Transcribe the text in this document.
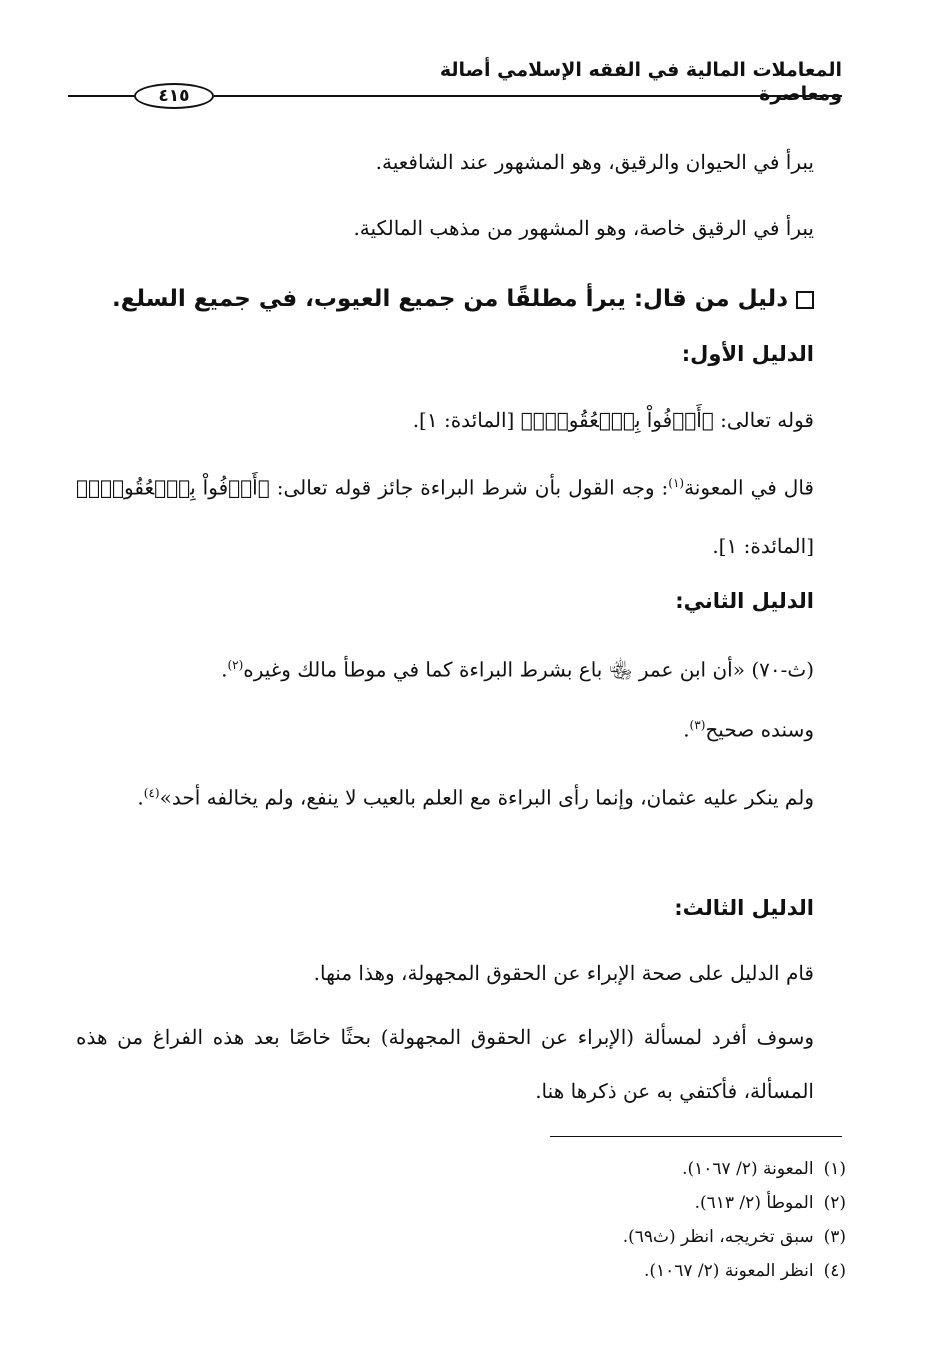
المعاملات المالية في الفقه الإسلامي أصالة ومعاصرة
٤١٥
يبرأ في الحيوان والرقيق، وهو المشهور عند الشافعية.
يبرأ في الرقيق خاصة، وهو المشهور من مذهب المالكية.
دليل من قال: يبرأ مطلقًا من جميع العيوب، في جميع السلع.
الدليل الأول:
قوله تعالى: ﴿أَوۡفُواْ بِٱلۡعُقُودِۚ﴾ [المائدة: ١].
قال في المعونة$^{(١)}$: وجه القول بأن شرط البراءة جائز قوله تعالى: ﴿أَوۡفُواْ بِٱلۡعُقُودِۚ﴾ [المائدة: ١].
الدليل الثاني:
(ث-٧٠) «أن ابن عمر ﵄ باع بشرط البراءة كما في موطأ مالك وغيره$^{(٢)}$.
وسنده صحيح$^{(٣)}$.
ولم ينكر عليه عثمان، وإنما رأى البراءة مع العلم بالعيب لا ينفع، ولم يخالفه أحد»$^{(٤)}$.
الدليل الثالث:
قام الدليل على صحة الإبراء عن الحقوق المجهولة، وهذا منها.
وسوف أفرد لمسألة (الإبراء عن الحقوق المجهولة) بحثًا خاصًا بعد هذه الفراغ من هذه المسألة، فأكتفي به عن ذكرها هنا.
(١)المعونة (٢/ ١٠٦٧).
(٢)الموطأ (٢/ ٦١٣).
(٣)سبق تخريجه، انظر (ث٦٩).
(٤)انظر المعونة (٢/ ١٠٦٧).
